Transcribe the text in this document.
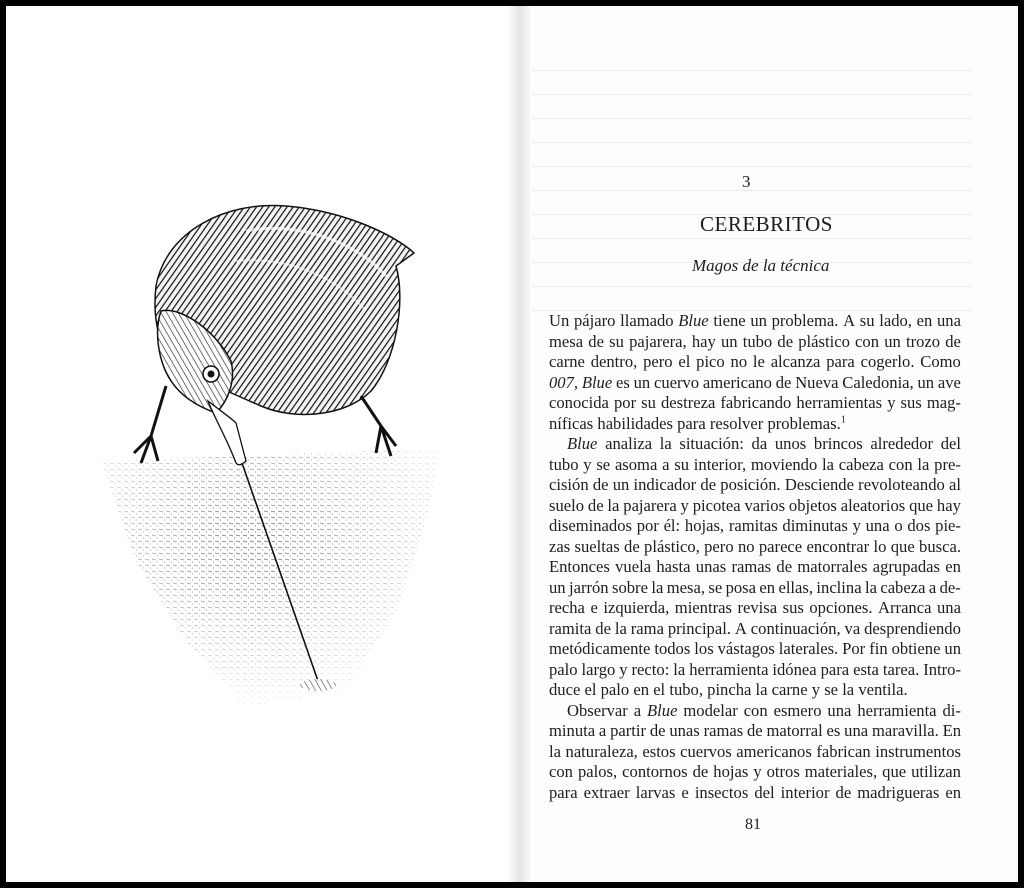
3
CEREBRITOS
Magos de la técnica
Un pájaro llamado Blue tiene un problema. A su lado, en una
mesa de su pajarera, hay un tubo de plástico con un trozo de
carne dentro, pero el pico no le alcanza para cogerlo. Como
007, Blue es un cuervo americano de Nueva Caledonia, un ave
conocida por su destreza fabricando herramientas y sus mag-
níficas
habilidades
para
resolver
problemas.$^1$
Blue analiza la situación: da unos brincos alrededor del
tubo y se asoma a su interior, moviendo la cabeza con la pre-
cisión de un indicador de posición. Desciende revoloteando al
suelo de la pajarera y picotea varios objetos aleatorios que hay
diseminados por él: hojas, ramitas diminutas y una o dos pie-
zas sueltas de plástico, pero no parece encontrar lo que busca.
Entonces vuela hasta unas ramas de matorrales agrupadas en
un jarrón sobre la mesa, se posa en ellas, inclina la cabeza a de-
recha e izquierda, mientras revisa sus opciones. Arranca una
ramita de la rama principal. A continuación, va desprendiendo
metódicamente todos los vástagos laterales. Por fin obtiene un
palo largo y recto: la herramienta idónea para esta tarea. Intro-
duce
el
palo
en
el
tubo,
pincha
la
carne
y
se
la
ventila.
Observar a Blue modelar con esmero una herramienta di-
minuta a partir de unas ramas de matorral es una maravilla. En
la naturaleza, estos cuervos americanos fabrican instrumentos
con palos, contornos de hojas y otros materiales, que utilizan
para extraer larvas e insectos del interior de madrigueras en
81
